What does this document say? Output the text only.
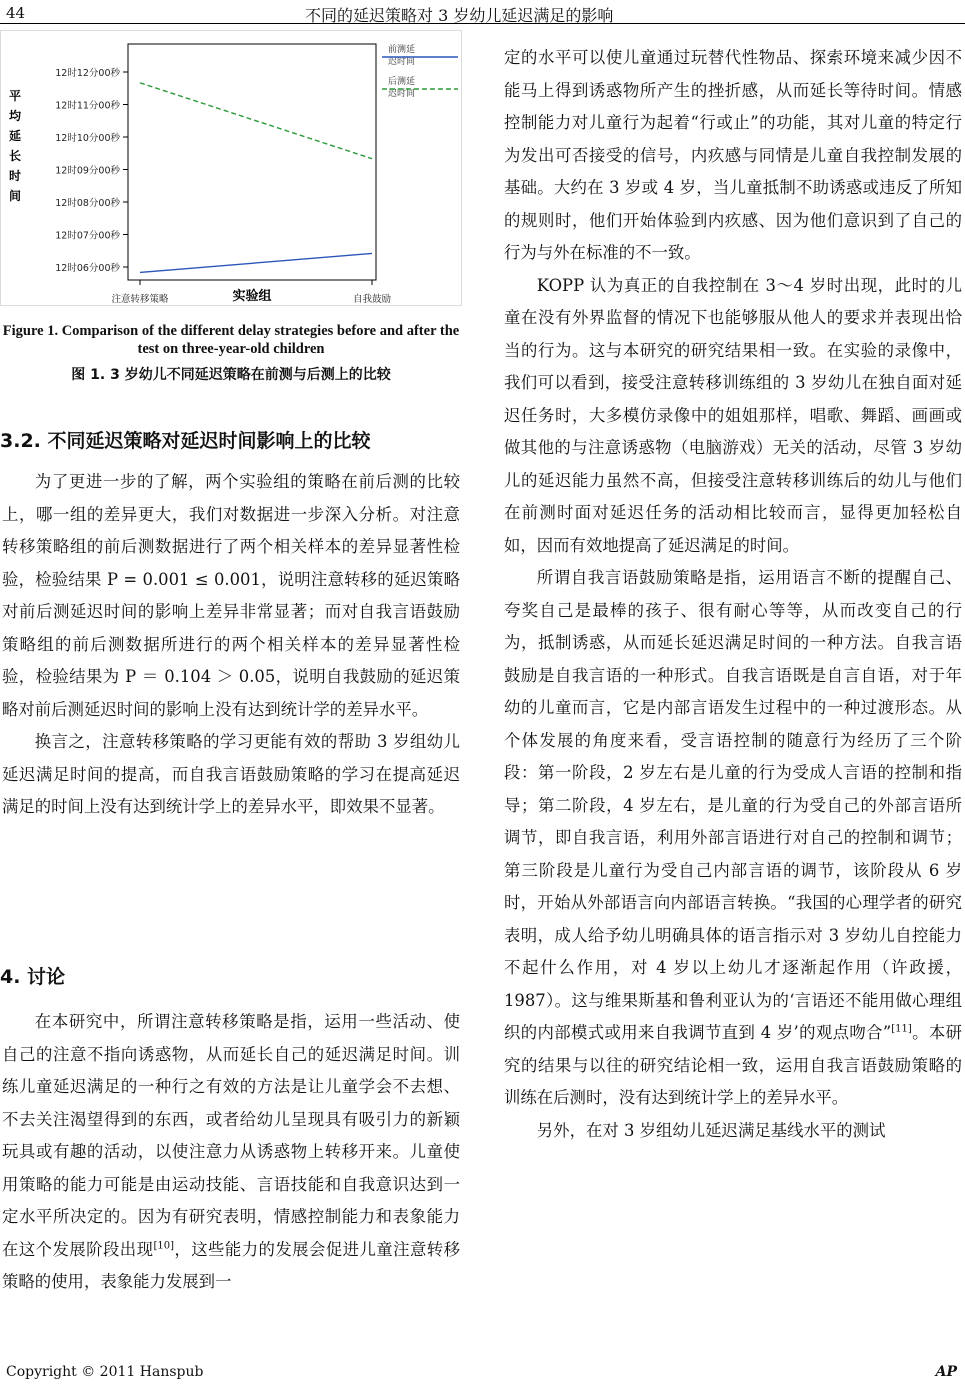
44	不同的延迟策略对 3 岁幼儿延迟满足的影响
平均延长时间
12时06分00秒
12时07分00秒
12时08分00秒
12时09分00秒
12时10分00秒
12时11分00秒
12时12分00秒
注意转移策略	自我鼓励
实验组
前测延
迟时间
后测延
迟时间
Figure 1. Comparison of the different delay strategies before and after the test on three-year-old children
图 1. 3 岁幼儿不同延迟策略在前测与后测上的比较
3.2. 不同延迟策略对延迟时间影响上的比较

为了更进一步的了解，两个实验组的策略在前后测的比较上，哪一组的差异更大，我们对数据进一步深入分析。对注意转移策略组的前后测数据进行了两个相关样本的差异显著性检验，检验结果 P = 0.001 ≤ 0.001，说明注意转移的延迟策略对前后测延迟时间的影响上差异非常显著；而对自我言语鼓励策略组的前后测数据所进行的两个相关样本的差异显著性检验，检验结果为 P ＝ 0.104 ＞ 0.05，说明自我鼓励的延迟策略对前后测延迟时间的影响上没有达到统计学的差异水平。

换言之，注意转移策略的学习更能有效的帮助 3 岁组幼儿延迟满足时间的提高，而自我言语鼓励策略的学习在提高延迟满足的时间上没有达到统计学上的差异水平，即效果不显著。

4. 讨论

在本研究中，所谓注意转移策略是指，运用一些活动、使自己的注意不指向诱惑物，从而延长自己的延迟满足时间。训练儿童延迟满足的一种行之有效的方法是让儿童学会不去想、不去关注渴望得到的东西，或者给幼儿呈现具有吸引力的新颖玩具或有趣的活动，以使注意力从诱惑物上转移开来。儿童使用策略的能力可能是由运动技能、言语技能和自我意识达到一定水平所决定的。因为有研究表明，情感控制能力和表象能力在这个发展阶段出现[10]，这些能力的发展会促进儿童注意转移策略的使用，表象能力发展到一

定的水平可以使儿童通过玩替代性物品、探索环境来减少因不能马上得到诱惑物所产生的挫折感，从而延长等待时间。情感控制能力对儿童行为起着“行或止”的功能，其对儿童的特定行为发出可否接受的信号，内疚感与同情是儿童自我控制发展的基础。大约在 3 岁或 4 岁，当儿童抵制不助诱惑或违反了所知的规则时，他们开始体验到内疚感、因为他们意识到了自己的行为与外在标准的不一致。

KOPP 认为真正的自我控制在 3～4 岁时出现，此时的儿童在没有外界监督的情况下也能够服从他人的要求并表现出恰当的行为。这与本研究的研究结果相一致。在实验的录像中，我们可以看到，接受注意转移训练组的 3 岁幼儿在独自面对延迟任务时，大多模仿录像中的姐姐那样，唱歌、舞蹈、画画或做其他的与注意诱惑物（电脑游戏）无关的活动，尽管 3 岁幼儿的延迟能力虽然不高，但接受注意转移训练后的幼儿与他们在前测时面对延迟任务的活动相比较而言，显得更加轻松自如，因而有效地提高了延迟满足的时间。

所谓自我言语鼓励策略是指，运用语言不断的提醒自己、夸奖自己是最棒的孩子、很有耐心等等，从而改变自己的行为，抵制诱惑，从而延长延迟满足时间的一种方法。自我言语鼓励是自我言语的一种形式。自我言语既是自言自语，对于年幼的儿童而言，它是内部言语发生过程中的一种过渡形态。从个体发展的角度来看，受言语控制的随意行为经历了三个阶段：第一阶段，2 岁左右是儿童的行为受成人言语的控制和指导；第二阶段，4 岁左右，是儿童的行为受自己的外部言语所调节，即自我言语，利用外部言语进行对自己的控制和调节；第三阶段是儿童行为受自己内部言语的调节，该阶段从 6 岁时，开始从外部语言向内部语言转换。“我国的心理学者的研究表明，成人给予幼儿明确具体的语言指示对 3 岁幼儿自控能力不起什么作用，对 4 岁以上幼儿才逐渐起作用（许政援，1987）。这与维果斯基和鲁利亚认为的‘言语还不能用做心理组织的内部模式或用来自我调节直到 4 岁’的观点吻合”[11]。本研究的结果与以往的研究结论相一致，运用自我言语鼓励策略的训练在后测时，没有达到统计学上的差异水平。

另外，在对 3 岁组幼儿延迟满足基线水平的测试

Copyright © 2011 Hanspub	AP
